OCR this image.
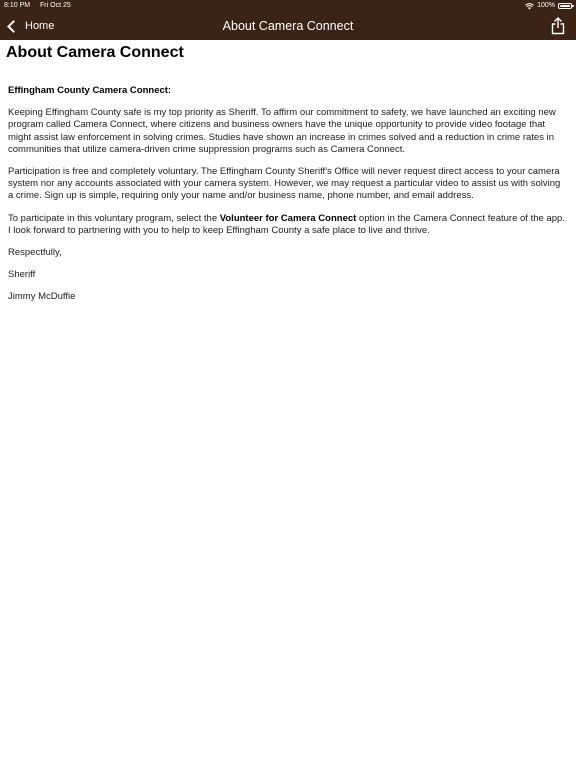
8:10 PM Fri Oct 25	100%
Home	About Camera Connect
About Camera Connect

Effingham County Camera Connect:

Keeping Effingham County safe is my top priority as Sheriff. To affirm our commitment to safety, we have launched an exciting new program called Camera Connect, where citizens and business owners have the unique opportunity to provide video footage that might assist law enforcement in solving crimes. Studies have shown an increase in crimes solved and a reduction in crime rates in communities that utilize camera-driven crime suppression programs such as Camera Connect.

Participation is free and completely voluntary. The Effingham County Sheriff's Office will never request direct access to your camera system nor any accounts associated with your camera system. However, we may request a particular video to assist us with solving a crime. Sign up is simple, requiring only your name and/or business name, phone number, and email address.

To participate in this voluntary program, select the Volunteer for Camera Connect option in the Camera Connect feature of the app. I look forward to partnering with you to help to keep Effingham County a safe place to live and thrive.

Respectfully,

Sheriff

Jimmy McDuffie
